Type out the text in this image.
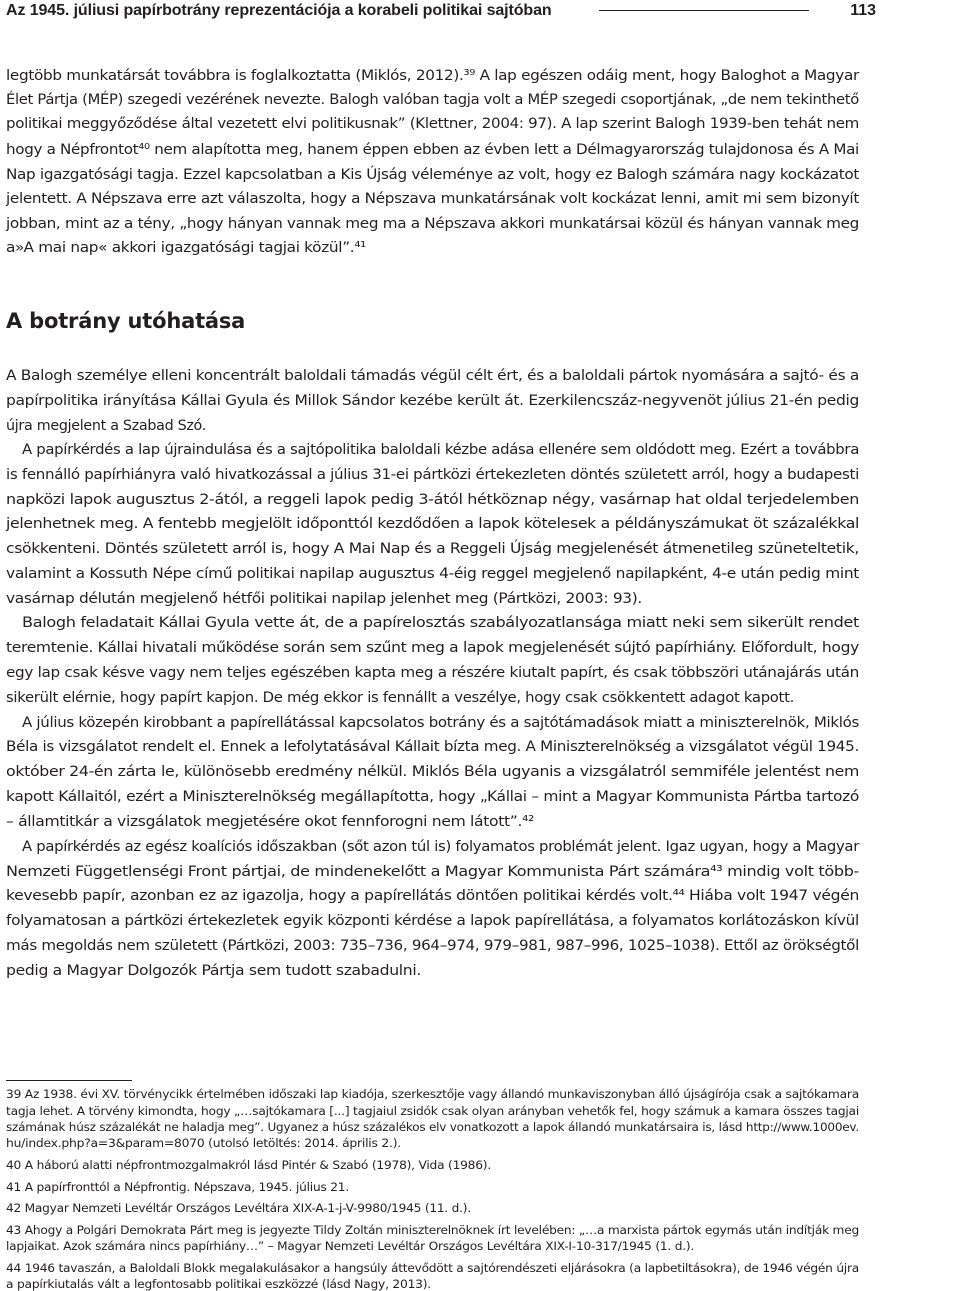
Az 1945. júliusi papírbotrány reprezentációja a korabeli politikai sajtóban	113
A botrány utóhatása
legtöbb munkatársát továbbra is foglalkoztatta (Miklós, 2012).³⁹ A lap egészen odáig ment, hogy Baloghot a Magyar
Élet Pártja (MÉP) szegedi vezérének nevezte. Balogh valóban tagja volt a MÉP szegedi csoportjának, „de nem tekinthető
politikai meggyőződése által vezetett elvi politikusnak” (Klettner, 2004: 97). A lap szerint Balogh 1939-ben tehát nem
hogy a Népfrontot⁴⁰ nem alapította meg, hanem éppen ebben az évben lett a Délmagyarország tulajdonosa és A Mai
Nap igazgatósági tagja. Ezzel kapcsolatban a Kis Újság véleménye az volt, hogy ez Balogh számára nagy kockázatot
jelentett. A Népszava erre azt válaszolta, hogy a Népszava munkatársának volt kockázat lenni, amit mi sem bizonyít
jobban, mint az a tény, „hogy hányan vannak meg ma a Népszava akkori munkatársai közül és hányan vannak meg
a»A mai nap« akkori igazgatósági tagjai közül”.⁴¹
A Balogh személye elleni koncentrált baloldali támadás végül célt ért, és a baloldali pártok nyomására a sajtó- és a
papírpolitika irányítása Kállai Gyula és Millok Sándor kezébe került át. Ezerkilencszáz-negyvenöt július 21-én pedig
újra megjelent a Szabad Szó.
A papírkérdés a lap újraindulása és a sajtópolitika baloldali kézbe adása ellenére sem oldódott meg. Ezért a továbbra
is fennálló papírhiányra való hivatkozással a július 31-ei pártközi értekezleten döntés született arról, hogy a budapesti
napközi lapok augusztus 2-ától, a reggeli lapok pedig 3-ától hétköznap négy, vasárnap hat oldal terjedelemben
jelenhetnek meg. A fentebb megjelölt időponttól kezdődően a lapok kötelesek a példányszámukat öt százalékkal
csökkenteni. Döntés született arról is, hogy A Mai Nap és a Reggeli Újság megjelenését átmenetileg szüneteltetik,
valamint a Kossuth Népe című politikai napilap augusztus 4-éig reggel megjelenő napilapként, 4-e után pedig mint
vasárnap délután megjelenő hétfői politikai napilap jelenhet meg (Pártközi, 2003: 93).
Balogh feladatait Kállai Gyula vette át, de a papírelosztás szabályozatlansága miatt neki sem sikerült rendet
teremtenie. Kállai hivatali működése során sem szűnt meg a lapok megjelenését sújtó papírhiány. Előfordult, hogy
egy lap csak késve vagy nem teljes egészében kapta meg a részére kiutalt papírt, és csak többszöri utánajárás után
sikerült elérnie, hogy papírt kapjon. De még ekkor is fennállt a veszélye, hogy csak csökkentett adagot kapott.
A július közepén kirobbant a papírellátással kapcsolatos botrány és a sajtótámadások miatt a miniszterelnök, Miklós
Béla is vizsgálatot rendelt el. Ennek a lefolytatásával Kállait bízta meg. A Miniszterelnökség a vizsgálatot végül 1945.
október 24-én zárta le, különösebb eredmény nélkül. Miklós Béla ugyanis a vizsgálatról semmiféle jelentést nem
kapott Kállaitól, ezért a Miniszterelnökség megállapította, hogy „Kállai – mint a Magyar Kommunista Pártba tartozó
– államtitkár a vizsgálatok megjetésére okot fennforogni nem látott”.⁴²
A papírkérdés az egész koalíciós időszakban (sőt azon túl is) folyamatos problémát jelent. Igaz ugyan, hogy a Magyar
Nemzeti Függetlenségi Front pártjai, de mindenekelőtt a Magyar Kommunista Párt számára⁴³ mindig volt több-
kevesebb papír, azonban ez az igazolja, hogy a papírellátás döntően politikai kérdés volt.⁴⁴ Hiába volt 1947 végén
folyamatosan a pártközi értekezletek egyik központi kérdése a lapok papírellátása, a folyamatos korlátozáskon kívül
más megoldás nem született (Pártközi, 2003: 735–736, 964–974, 979–981, 987–996, 1025–1038). Ettől az örökségtől
pedig a Magyar Dolgozók Pártja sem tudott szabadulni.
39 Az 1938. évi XV. törvénycikk értelmében időszaki lap kiadója, szerkesztője vagy állandó munkaviszonyban álló újságírója csak a sajtókamara
tagja lehet. A törvény kimondta, hogy „…sajtókamara [...] tagjaiul zsidók csak olyan arányban vehetők fel, hogy számuk a kamara összes tagjai
számának húsz százalékát ne haladja meg”. Ugyanez a húsz százalékos elv vonatkozott a lapok állandó munkatársaira is, lásd http://www.1000ev.
hu/index.php?a=3&param=8070 (utolsó letöltés: 2014. április 2.).
40 A háború alatti népfrontmozgalmakról lásd Pintér & Szabó (1978), Vida (1986).
41 A papírfronttól a Népfrontig. Népszava, 1945. július 21.
42 Magyar Nemzeti Levéltár Országos Levéltára XIX-A-1-j-V-9980/1945 (11. d.).
43 Ahogy a Polgári Demokrata Párt meg is jegyezte Tildy Zoltán miniszterelnöknek írt levelében: „…a marxista pártok egymás után indítják meg
lapjaikat. Azok számára nincs papírhiány…” – Magyar Nemzeti Levéltár Országos Levéltára XIX-I-10-317/1945 (1. d.).
44 1946 tavaszán, a Baloldali Blokk megalakulásakor a hangsúly áttevődött a sajtórendészeti eljárásokra (a lapbetiltásokra), de 1946 végén újra
a papírkiutalás vált a legfontosabb politikai eszközzé (lásd Nagy, 2013).
